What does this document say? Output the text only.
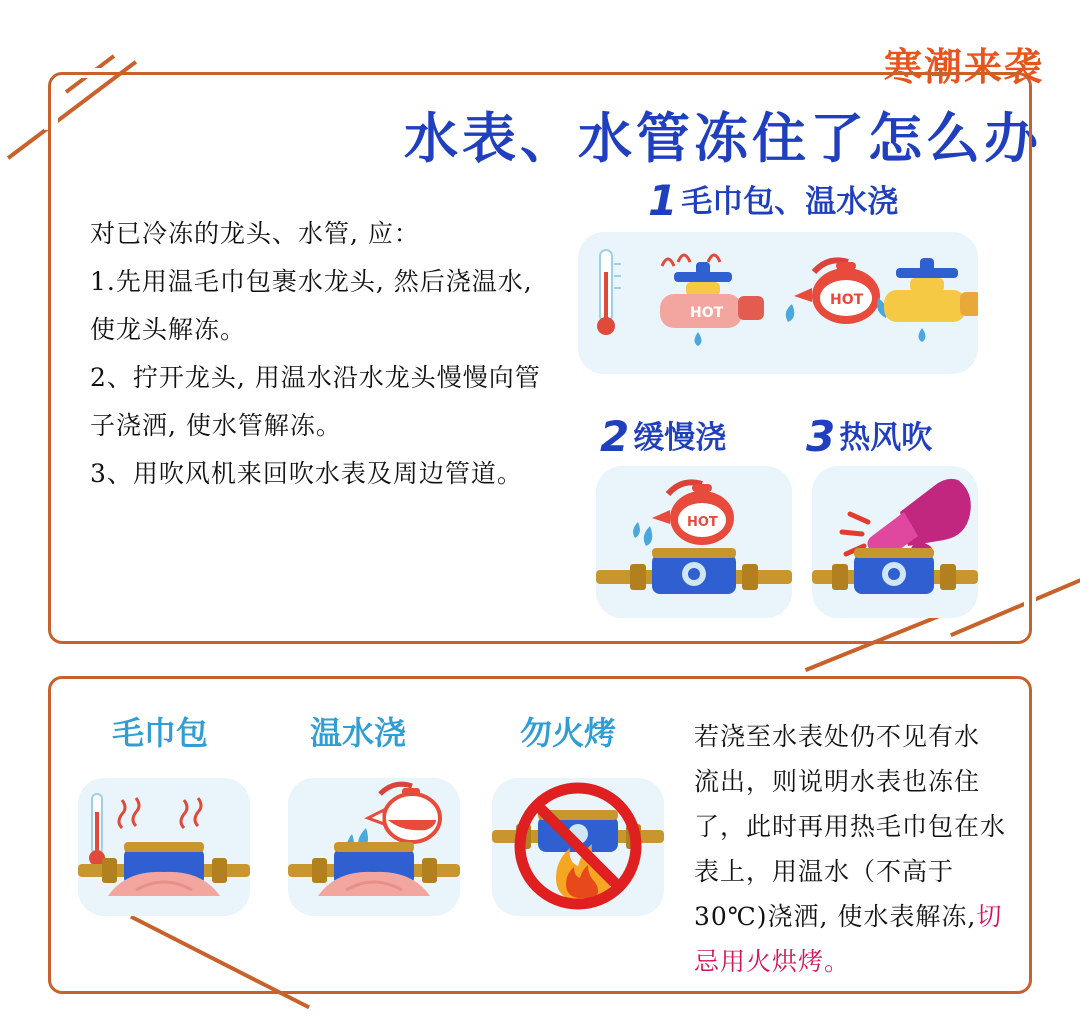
寒潮来袭
水表、水管冻住了怎么办

对已冷冻的龙头、水管, 应：

1.先用温毛巾包裹水龙头, 然后浇温水,

使龙头解冻。

2、拧开龙头, 用温水沿水龙头慢慢向管

子浇洒, 使水管解冻。

3、用吹风机来回吹水表及周边管道。

1 毛巾包、温水浇
2 缓慢浇 3 热风吹
HOT
HOT
HOT
毛巾包	温水浇	勿火烤	若浇至水表处仍不见有水

流出，则说明水表也冻住

了，此时再用热毛巾包在水

表上，用温水（不高于

30℃)浇洒, 使水表解冻,切

忌用火烘烤。
